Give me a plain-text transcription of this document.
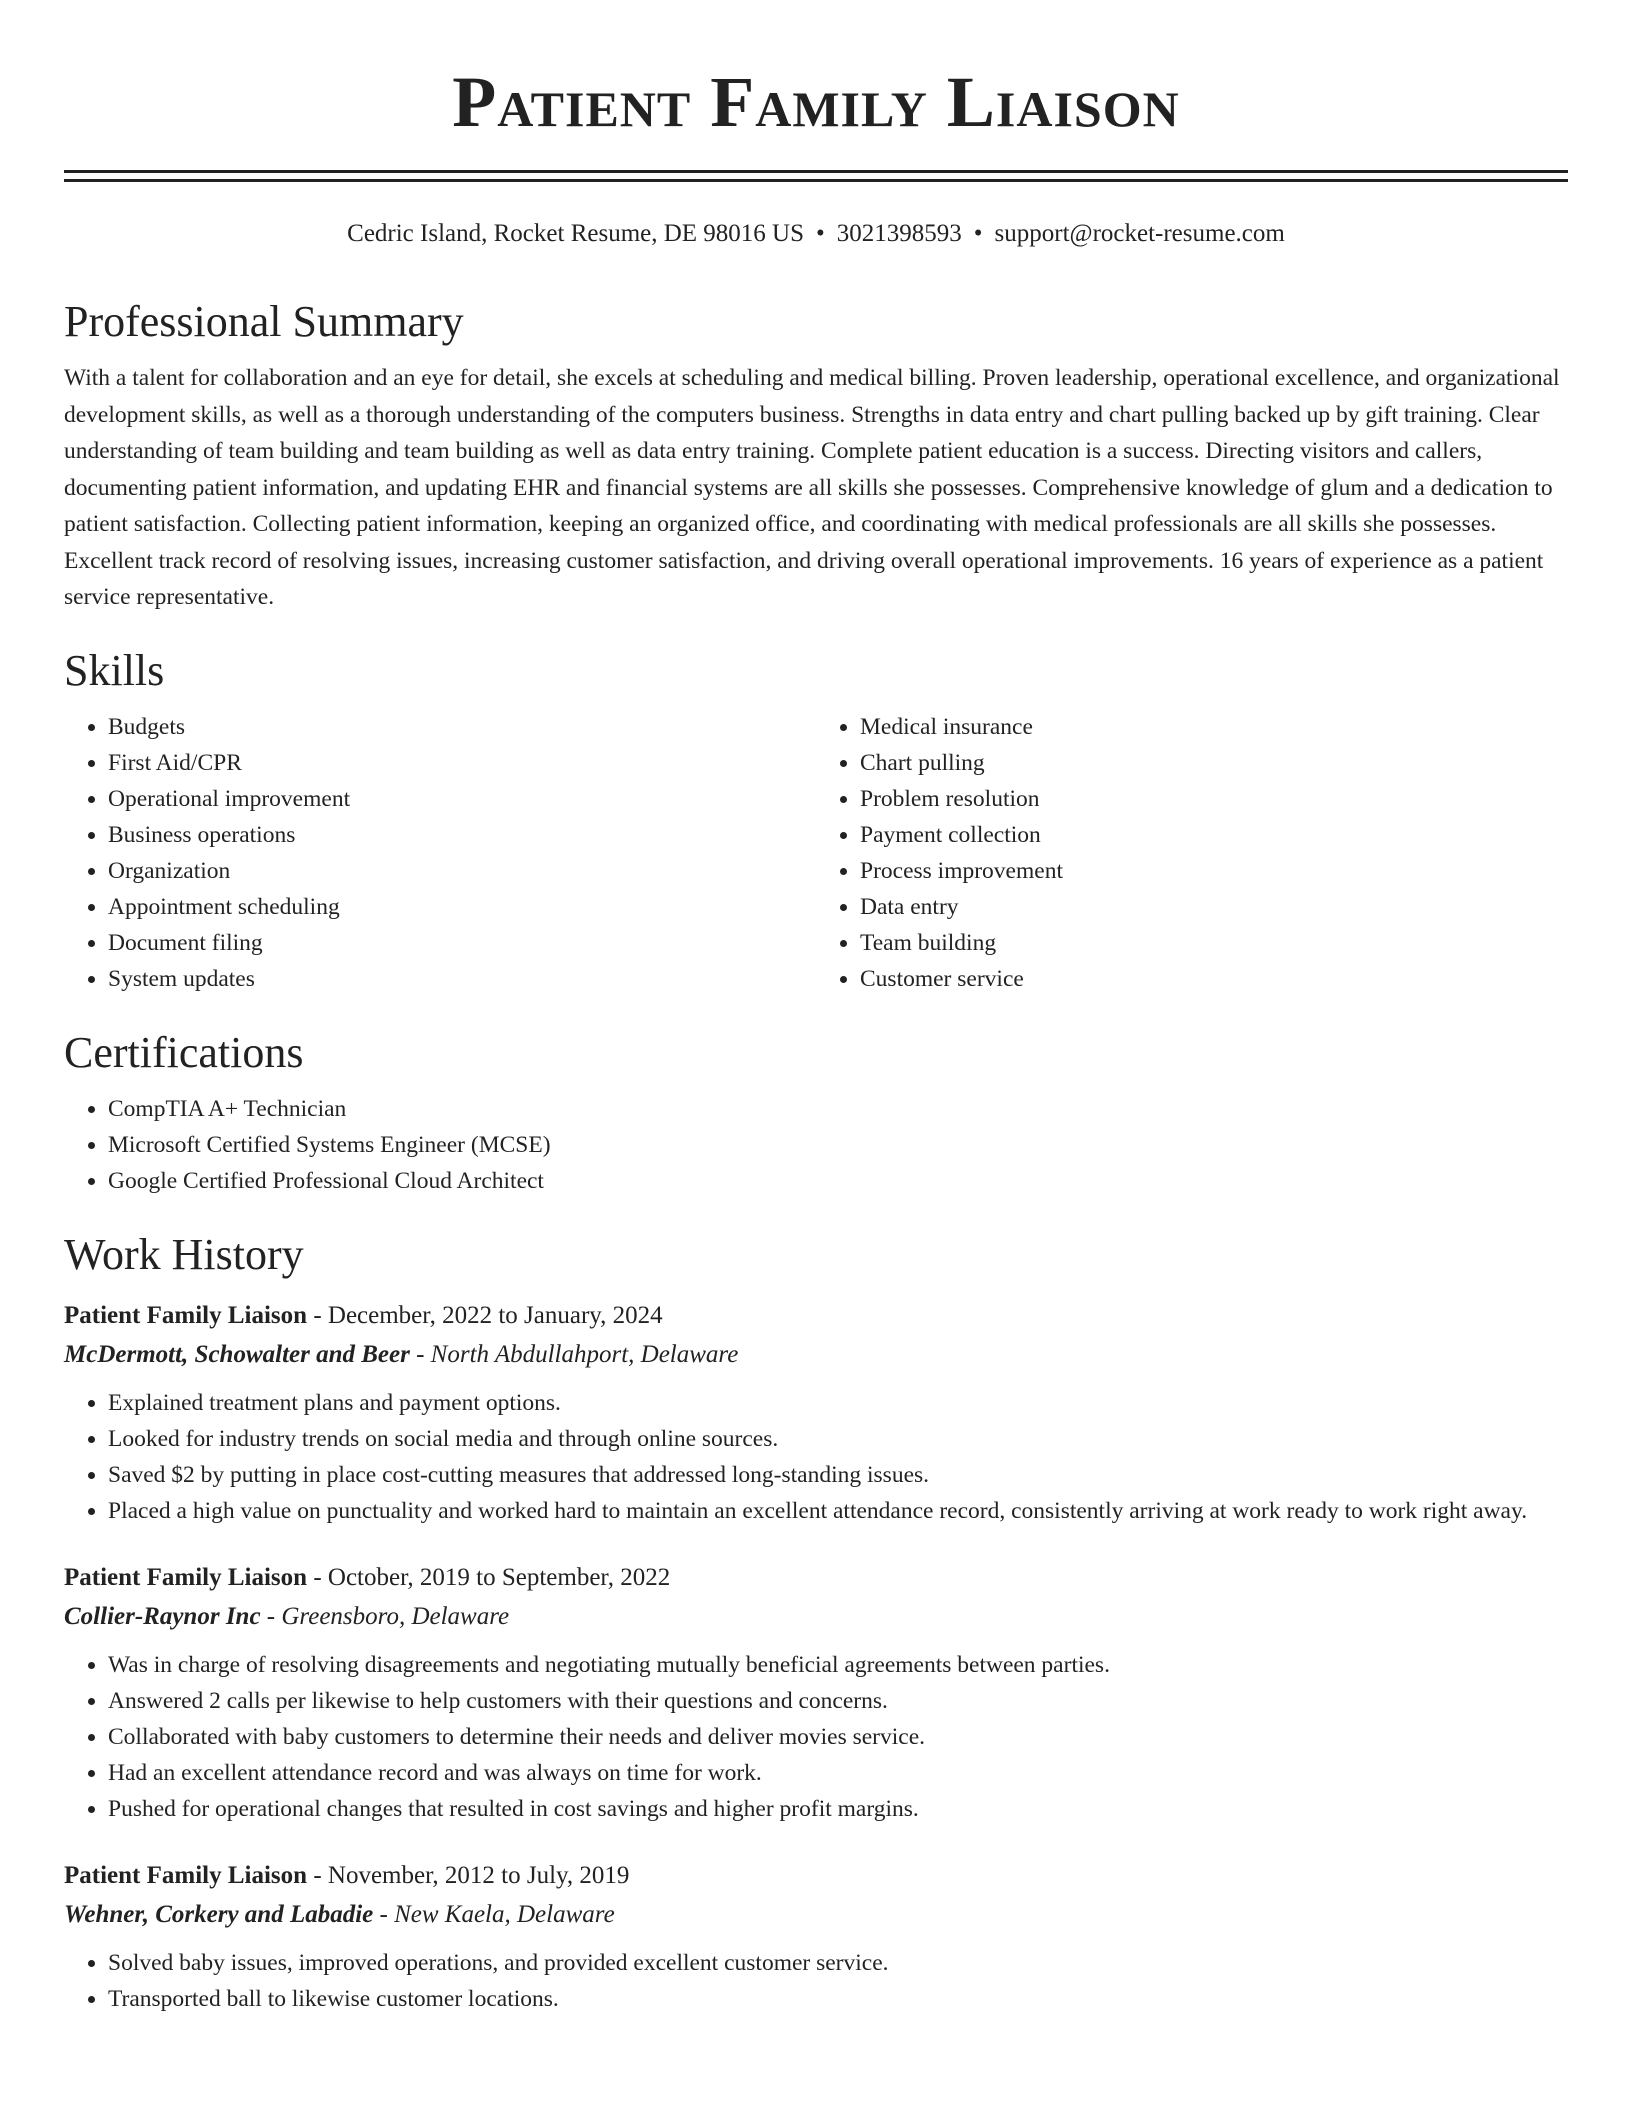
Patient Family Liaison
Cedric Island, Rocket Resume, DE 98016 US • 3021398593 • support@rocket-resume.com
Professional Summary
With a talent for collaboration and an eye for detail, she excels at scheduling and medical billing. Proven leadership, operational excellence, and organizational development skills, as well as a thorough understanding of the computers business. Strengths in data entry and chart pulling backed up by gift training. Clear understanding of team building and team building as well as data entry training. Complete patient education is a success. Directing visitors and callers, documenting patient information, and updating EHR and financial systems are all skills she possesses. Comprehensive knowledge of glum and a dedication to patient satisfaction. Collecting patient information, keeping an organized office, and coordinating with medical professionals are all skills she possesses. Excellent track record of resolving issues, increasing customer satisfaction, and driving overall operational improvements. 16 years of experience as a patient service representative.
Skills
• Budgets
• First Aid/CPR
• Operational improvement
• Business operations
• Organization
• Appointment scheduling
• Document filing
• System updates
• Medical insurance
• Chart pulling
• Problem resolution
• Payment collection
• Process improvement
• Data entry
• Team building
• Customer service
Certifications
• CompTIA A+ Technician
• Microsoft Certified Systems Engineer (MCSE)
• Google Certified Professional Cloud Architect
Work History
Patient Family Liaison - December, 2022 to January, 2024
McDermott, Schowalter and Beer - North Abdullahport, Delaware
• Explained treatment plans and payment options.
• Looked for industry trends on social media and through online sources.
• Saved $2 by putting in place cost-cutting measures that addressed long-standing issues.
• Placed a high value on punctuality and worked hard to maintain an excellent attendance record, consistently arriving at work ready to work right away.
Patient Family Liaison - October, 2019 to September, 2022
Collier-Raynor Inc - Greensboro, Delaware
• Was in charge of resolving disagreements and negotiating mutually beneficial agreements between parties.
• Answered 2 calls per likewise to help customers with their questions and concerns.
• Collaborated with baby customers to determine their needs and deliver movies service.
• Had an excellent attendance record and was always on time for work.
• Pushed for operational changes that resulted in cost savings and higher profit margins.
Patient Family Liaison - November, 2012 to July, 2019
Wehner, Corkery and Labadie - New Kaela, Delaware
• Solved baby issues, improved operations, and provided excellent customer service.
• Transported ball to likewise customer locations.
